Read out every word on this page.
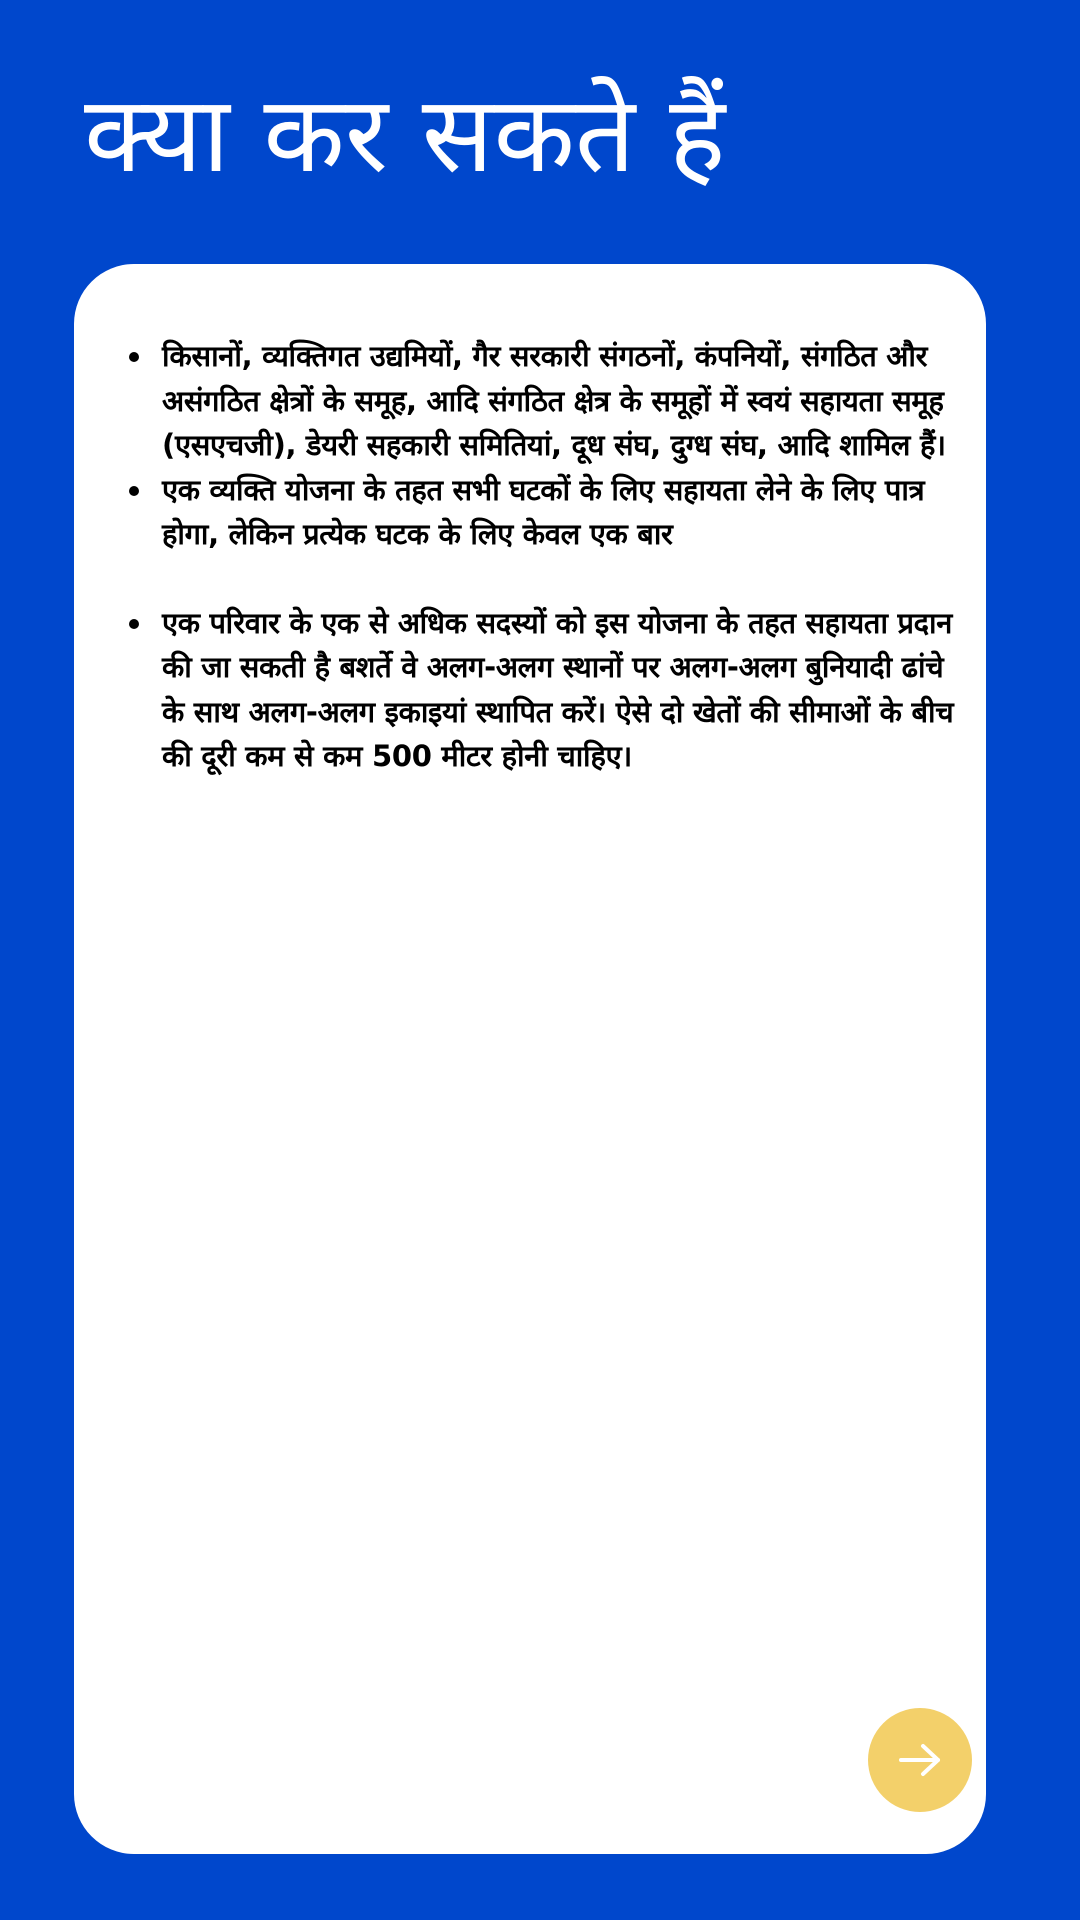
क्या कर सकते हैं
किसानों, व्यक्तिगत उद्यमियों, गैर सरकारी संगठनों, कंपनियों, संगठित और असंगठित क्षेत्रों के समूह, आदि संगठित क्षेत्र के समूहों में स्वयं सहायता समूह (एसएचजी), डेयरी सहकारी समितियां, दूध संघ, दुग्ध संघ, आदि शामिल हैं।
एक व्यक्ति योजना के तहत सभी घटकों के लिए सहायता लेने के लिए पात्र होगा, लेकिन प्रत्येक घटक के लिए केवल एक बार
एक परिवार के एक से अधिक सदस्यों को इस योजना के तहत सहायता प्रदान की जा सकती है बशर्ते वे अलग-अलग स्थानों पर अलग-अलग बुनियादी ढांचे के साथ अलग-अलग इकाइयां स्थापित करें। ऐसे दो खेतों की सीमाओं के बीच की दूरी कम से कम 500 मीटर होनी चाहिए।
